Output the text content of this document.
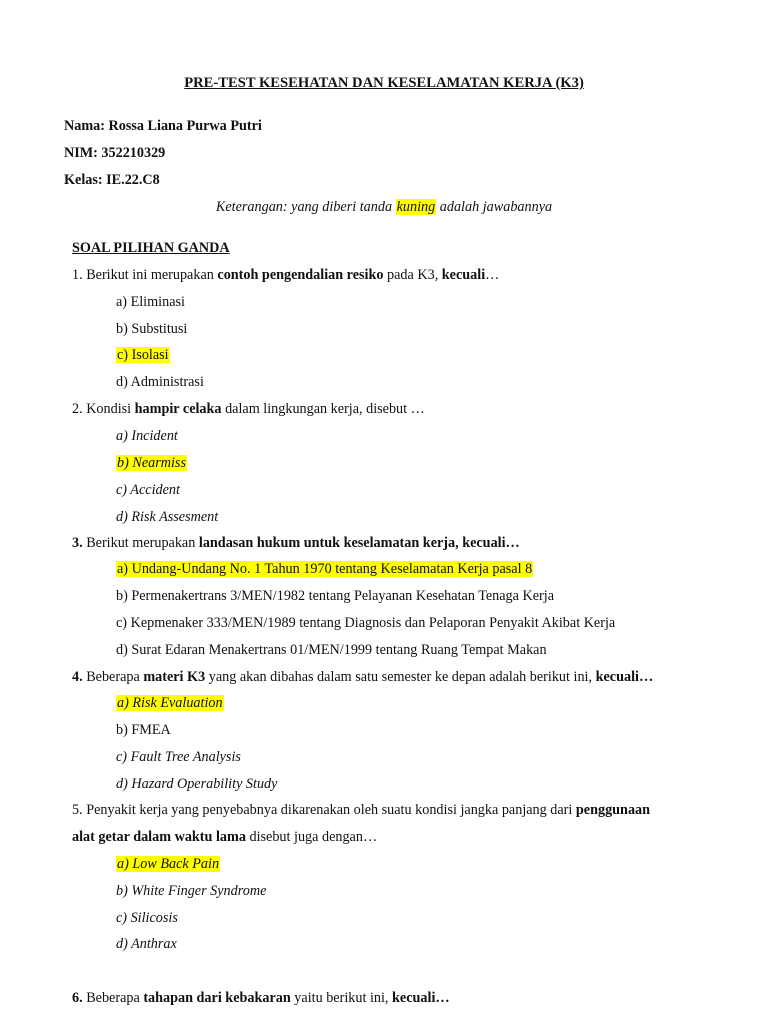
PRE-TEST KESEHATAN DAN KESELAMATAN KERJA (K3)
Nama: Rossa Liana Purwa Putri
NIM: 352210329
Kelas: IE.22.C8
Keterangan: yang diberi tanda kuning adalah jawabannya
SOAL PILIHAN GANDA
1. Berikut ini merupakan contoh pengendalian resiko pada K3, kecuali…
a) Eliminasi
b) Substitusi
c) Isolasi
d) Administrasi
2. Kondisi hampir celaka dalam lingkungan kerja, disebut …
a) Incident
b) Nearmiss
c) Accident
d) Risk Assesment
3. Berikut merupakan landasan hukum untuk keselamatan kerja, kecuali…
a) Undang-Undang No. 1 Tahun 1970 tentang Keselamatan Kerja pasal 8
b) Permenakertrans 3/MEN/1982 tentang Pelayanan Kesehatan Tenaga Kerja
c) Kepmenaker 333/MEN/1989 tentang Diagnosis dan Pelaporan Penyakit Akibat Kerja
d) Surat Edaran Menakertrans 01/MEN/1999 tentang Ruang Tempat Makan
4. Beberapa materi K3 yang akan dibahas dalam satu semester ke depan adalah berikut ini, kecuali…
a) Risk Evaluation
b) FMEA
c) Fault Tree Analysis
d) Hazard Operability Study
5. Penyakit kerja yang penyebabnya dikarenakan oleh suatu kondisi jangka panjang dari penggunaan
alat getar dalam waktu lama disebut juga dengan…
a) Low Back Pain
b) White Finger Syndrome
c) Silicosis
d) Anthrax
6. Beberapa tahapan dari kebakaran yaitu berikut ini, kecuali…
